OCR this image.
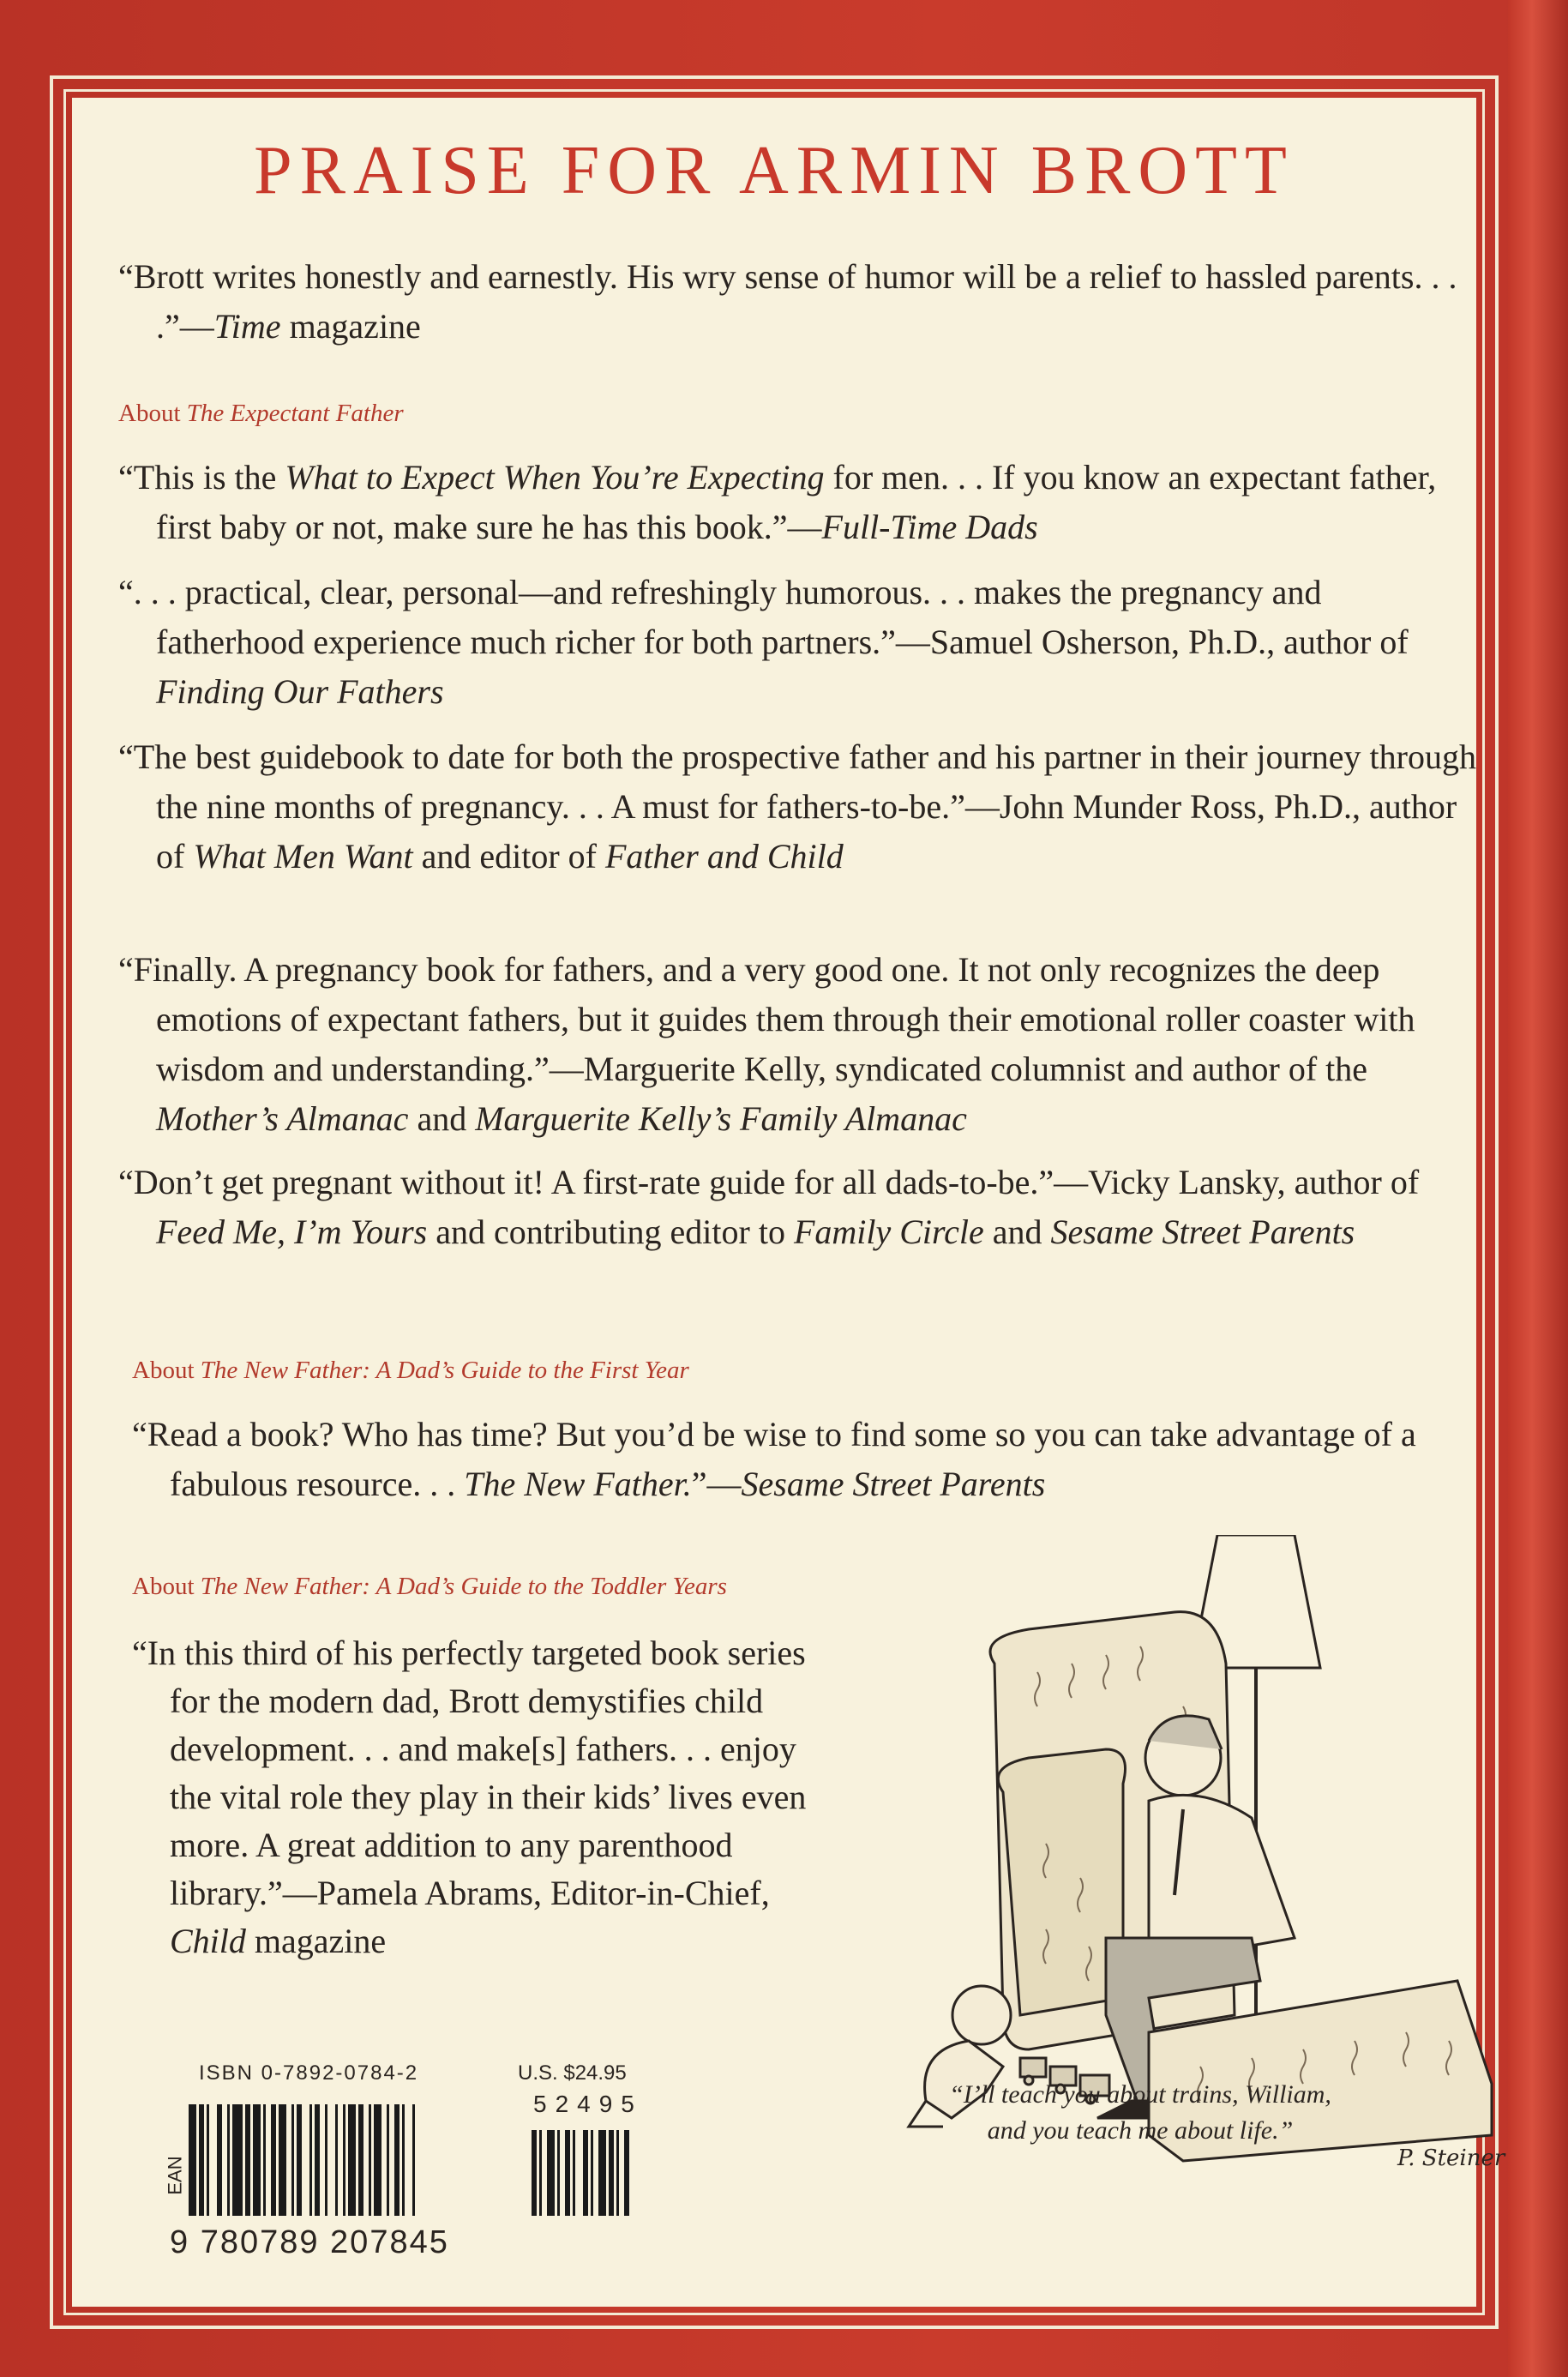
PRAISE FOR ARMIN BROTT

“Brott writes honestly and earnestly. His wry sense of humor will be a relief to hassled parents. . . .”—Time magazine

About The Expectant Father

“This is the What to Expect When You’re Expecting for men. . . If you know an expectant father, first baby or not, make sure he has this book.”—Full-Time Dads

“. . . practical, clear, personal—and refreshingly humorous. . . makes the pregnancy and fatherhood experience much richer for both partners.”—Samuel Osherson, Ph.D., author of Finding Our Fathers

“The best guidebook to date for both the prospective father and his partner in their journey through the nine months of pregnancy. . . A must for fathers-to-be.”—John Munder Ross, Ph.D., author of What Men Want and editor of Father and Child

“Finally. A pregnancy book for fathers, and a very good one. It not only recognizes the deep emotions of expectant fathers, but it guides them through their emotional roller coaster with wisdom and understanding.”—Marguerite Kelly, syndicated columnist and author of the Mother’s Almanac and Marguerite Kelly’s Family Almanac

“Don’t get pregnant without it! A first-rate guide for all dads-to-be.”—Vicky Lansky, author of Feed Me, I’m Yours and contributing editor to Family Circle and Sesame Street Parents

About The New Father: A Dad’s Guide to the First Year

“Read a book? Who has time? But you’d be wise to find some so you can take advantage of a fabulous resource. . . The New Father.”—Sesame Street Parents

About The New Father: A Dad’s Guide to the Toddler Years

“In this third of his perfectly targeted book series for the modern dad, Brott demystifies child development. . . and make[s] fathers. . . enjoy the vital role they play in their kids’ lives even more. A great addition to any parenthood library.”—Pamela Abrams, Editor-in-Chief, Child magazine

ISBN 0-7892-0784-2	U.S. $24.95
52495
EAN
9 780789 207845
P. Steiner

“I’ll teach you about trains, William,
and you teach me about life.”
